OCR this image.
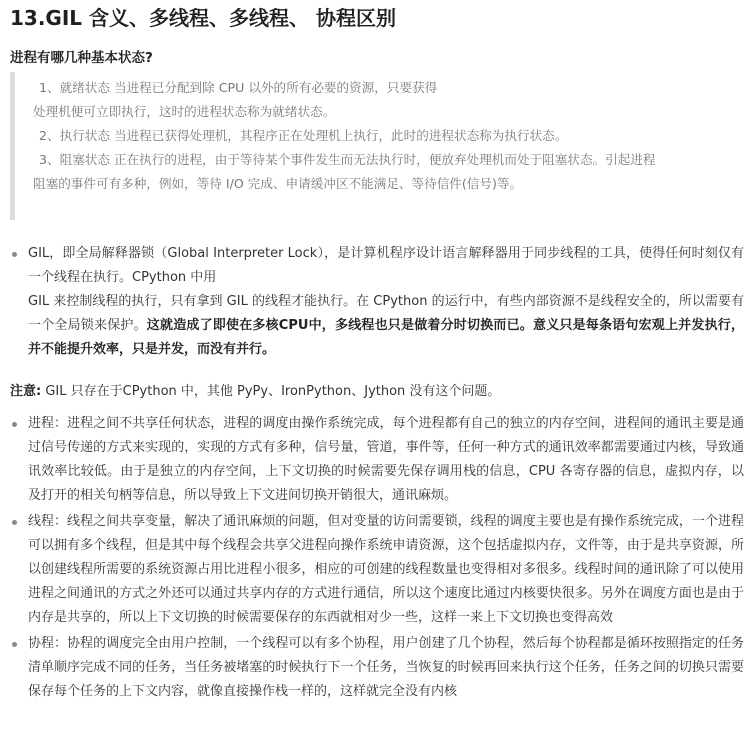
13.GIL 含义、多线程、多线程、 协程区别
进程有哪几种基本状态?

1、就绪状态 当进程已分配到除 CPU 以外的所有必要的资源，只要获得

处理机便可立即执行，这时的进程状态称为就绪状态。

2、执行状态 当进程已获得处理机，其程序正在处理机上执行，此时的进程状态称为执行状态。

3、阻塞状态 正在执行的进程，由于等待某个事件发生而无法执行时，便放弃处理机而处于阻塞状态。引起进程

阻塞的事件可有多种，例如，等待 I/O 完成、申请缓冲区不能满足、等待信件(信号)等。

GIL，即全局解释器锁（Global Interpreter Lock），是计算机程序设计语言解释器用于同步线程的工具，使得任何时刻仅有一个线程在执行。CPython 中用
GIL 来控制线程的执行，只有拿到 GIL 的线程才能执行。在 CPython 的运行中，有些内部资源不是线程安全的，所以需要有一个全局锁来保护。这就造成了即使在多核CPU中，多线程也只是做着分时切换而已。意义只是每条语句宏观上并发执行，并不能提升效率，只是并发，而没有并行。

注意: GIL 只存在于CPython 中，其他 PyPy、IronPython、Jython 没有这个问题。

进程：进程之间不共享任何状态，进程的调度由操作系统完成，每个进程都有自己的独立的内存空间，进程间的通讯主要是通过信号传递的方式来实现的，实现的方式有多种，信号量，管道，事件等，任何一种方式的通讯效率都需要通过内核，导致通讯效率比较低。由于是独立的内存空间，上下文切换的时候需要先保存调用栈的信息，CPU 各寄存器的信息，虚拟内存，以及打开的相关句柄等信息，所以导致上下文进间切换开销很大，通讯麻烦。
线程：线程之间共享变量，解决了通讯麻烦的问题，但对变量的访问需要锁，线程的调度主要也是有操作系统完成，一个进程可以拥有多个线程，但是其中每个线程会共享父进程向操作系统申请资源，这个包括虚拟内存，文件等，由于是共享资源，所以创建线程所需要的系统资源占用比进程小很多，相应的可创建的线程数量也变得相对多很多。线程时间的通讯除了可以使用进程之间通讯的方式之外还可以通过共享内存的方式进行通信，所以这个速度比通过内核要快很多。另外在调度方面也是由于内存是共享的，所以上下文切换的时候需要保存的东西就相对少一些，这样一来上下文切换也变得高效
协程：协程的调度完全由用户控制，一个线程可以有多个协程，用户创建了几个协程，然后每个协程都是循环按照指定的任务清单顺序完成不同的任务，当任务被堵塞的时候执行下一个任务，当恢复的时候再回来执行这个任务，任务之间的切换只需要保存每个任务的上下文内容，就像直接操作栈一样的，这样就完全没有内核
